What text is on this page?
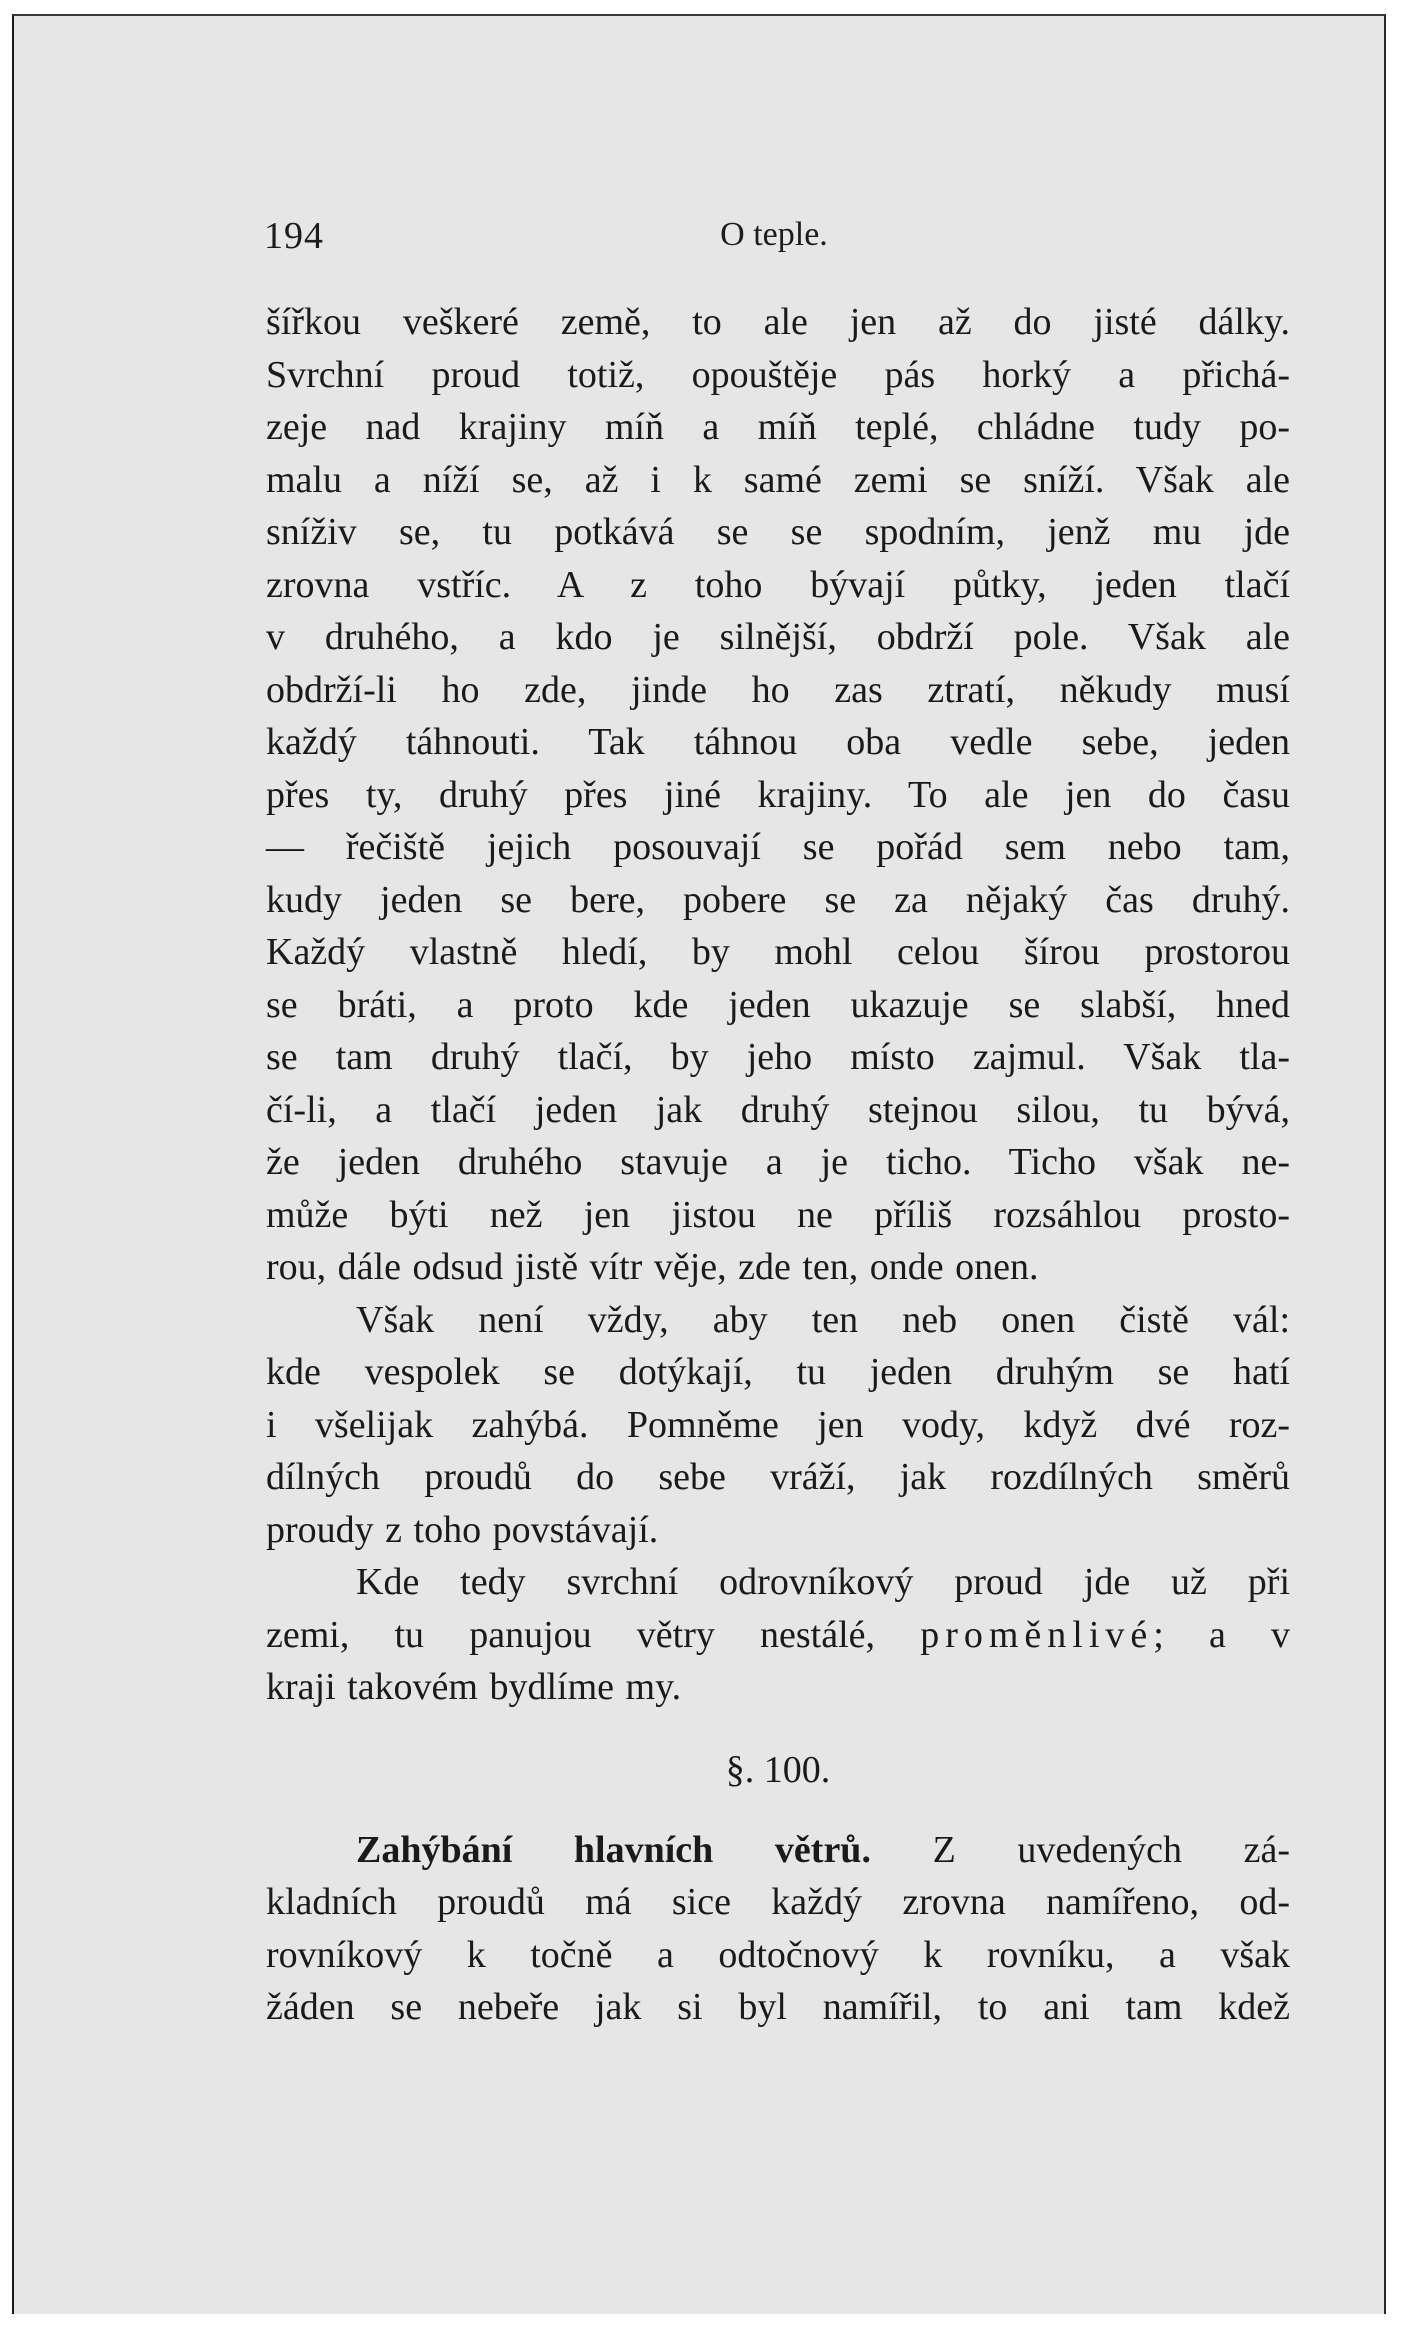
194	O teple.
šířkou veškeré země, to ale jen až do jisté dálky.
Svrchní proud totiž, opouštěje pás horký a přichá-
zeje nad krajiny míň a míň teplé, chládne tudy po-
malu a níží se, až i k samé zemi se sníží. Však ale
sníživ se, tu potkává se se spodním, jenž mu jde
zrovna vstříc. A z toho bývají půtky, jeden tlačí
v druhého, a kdo je silnější, obdrží pole. Však ale
obdrží-li ho zde, jinde ho zas ztratí, někudy musí
každý táhnouti. Tak táhnou oba vedle sebe, jeden
přes ty, druhý přes jiné krajiny. To ale jen do času
— řečiště jejich posouvají se pořád sem nebo tam,
kudy jeden se bere, pobere se za nějaký čas druhý.
Každý vlastně hledí, by mohl celou šírou prostorou
se bráti, a proto kde jeden ukazuje se slabší, hned
se tam druhý tlačí, by jeho místo zajmul. Však tla-
čí-li, a tlačí jeden jak druhý stejnou silou, tu bývá,
že jeden druhého stavuje a je ticho. Ticho však ne-
může býti než jen jistou ne příliš rozsáhlou prosto-
rou, dále odsud jistě vítr věje, zde ten, onde onen.
Však není vždy, aby ten neb onen čistě vál:
kde vespolek se dotýkají, tu jeden druhým se hatí
i všelijak zahýbá. Pomněme jen vody, když dvé roz-
dílných proudů do sebe vráží, jak rozdílných směrů
proudy z toho povstávají.
Kde tedy svrchní odrovníkový proud jde už při
zemi, tu panujou větry nestálé, proměnlivé; a v
kraji takovém bydlíme my.
§. 100.
Zahýbání hlavních větrů. Z uvedených zá-
kladních proudů má sice každý zrovna namířeno, od-
rovníkový k točně a odtočnový k rovníku, a však
žáden se nebeře jak si byl namířil, to ani tam kdež
